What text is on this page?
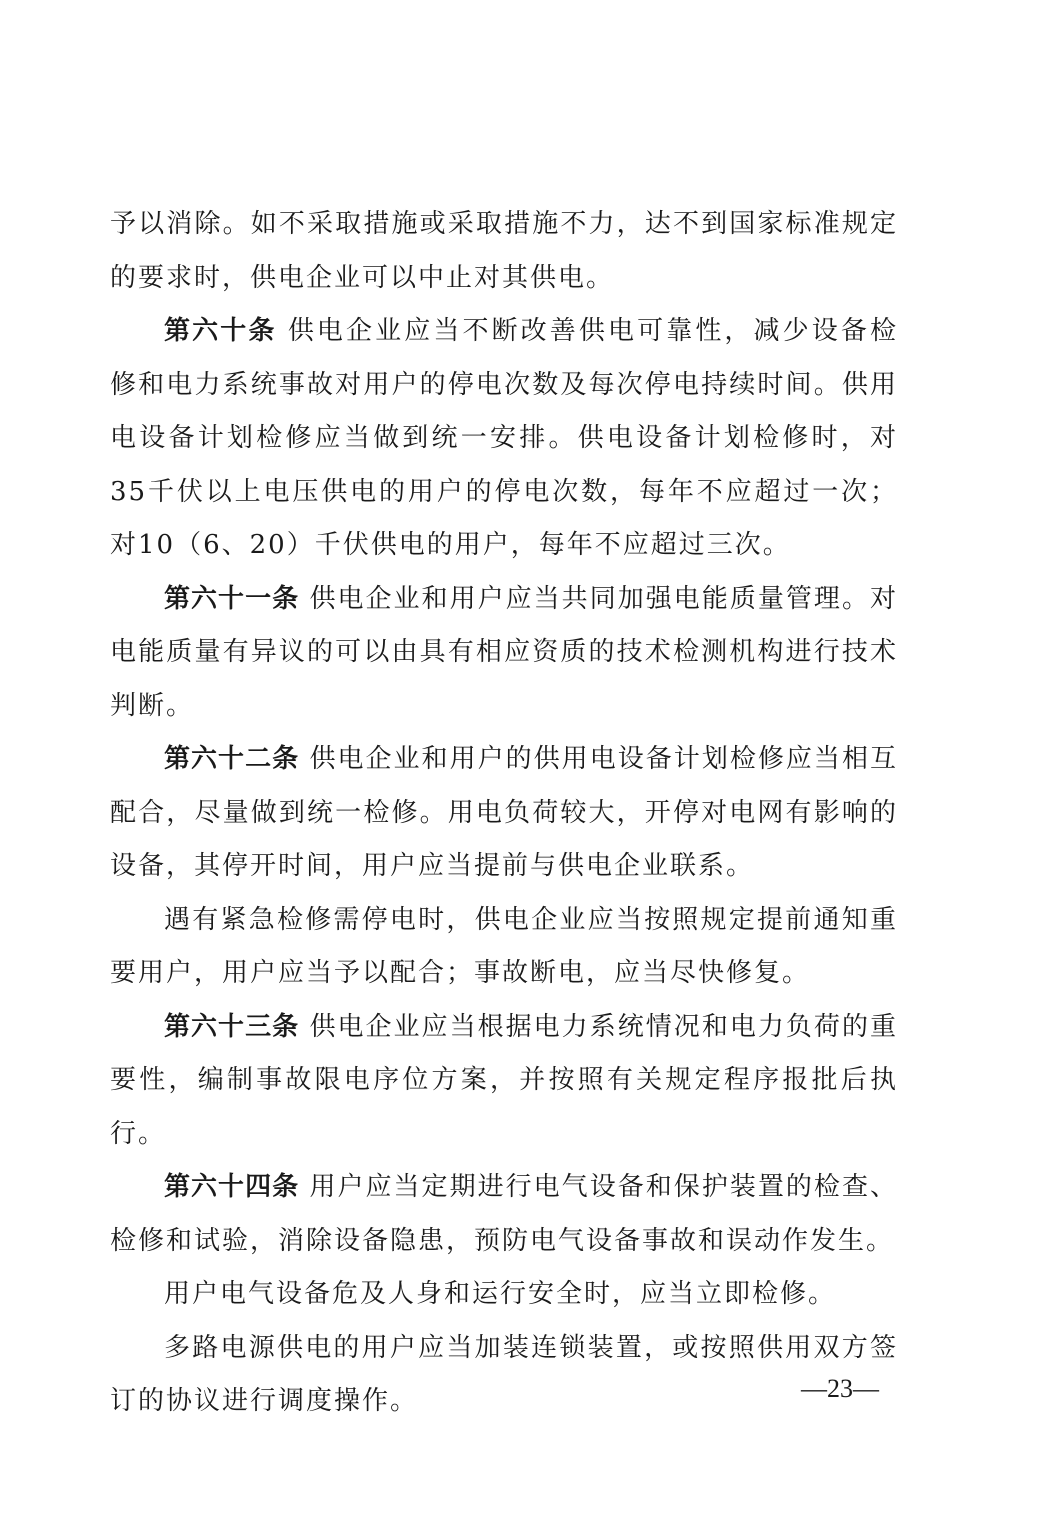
予以消除。如不采取措施或采取措施不力，达不到国家标准规定的要求时，供电企业可以中止对其供电。

第六十条 供电企业应当不断改善供电可靠性，减少设备检修和电力系统事故对用户的停电次数及每次停电持续时间。供用电设备计划检修应当做到统一安排。供电设备计划检修时，对35千伏以上电压供电的用户的停电次数，每年不应超过一次；对10（6、20）千伏供电的用户，每年不应超过三次。

第六十一条 供电企业和用户应当共同加强电能质量管理。对电能质量有异议的可以由具有相应资质的技术检测机构进行技术判断。

第六十二条 供电企业和用户的供用电设备计划检修应当相互配合，尽量做到统一检修。用电负荷较大，开停对电网有影响的设备，其停开时间，用户应当提前与供电企业联系。

遇有紧急检修需停电时，供电企业应当按照规定提前通知重要用户，用户应当予以配合；事故断电，应当尽快修复。

第六十三条 供电企业应当根据电力系统情况和电力负荷的重要性，编制事故限电序位方案，并按照有关规定程序报批后执行。

第六十四条 用户应当定期进行电气设备和保护装置的检查、检修和试验，消除设备隐患，预防电气设备事故和误动作发生。

用户电气设备危及人身和运行安全时，应当立即检修。

多路电源供电的用户应当加装连锁装置，或按照供用双方签订的协议进行调度操作。	—23—
